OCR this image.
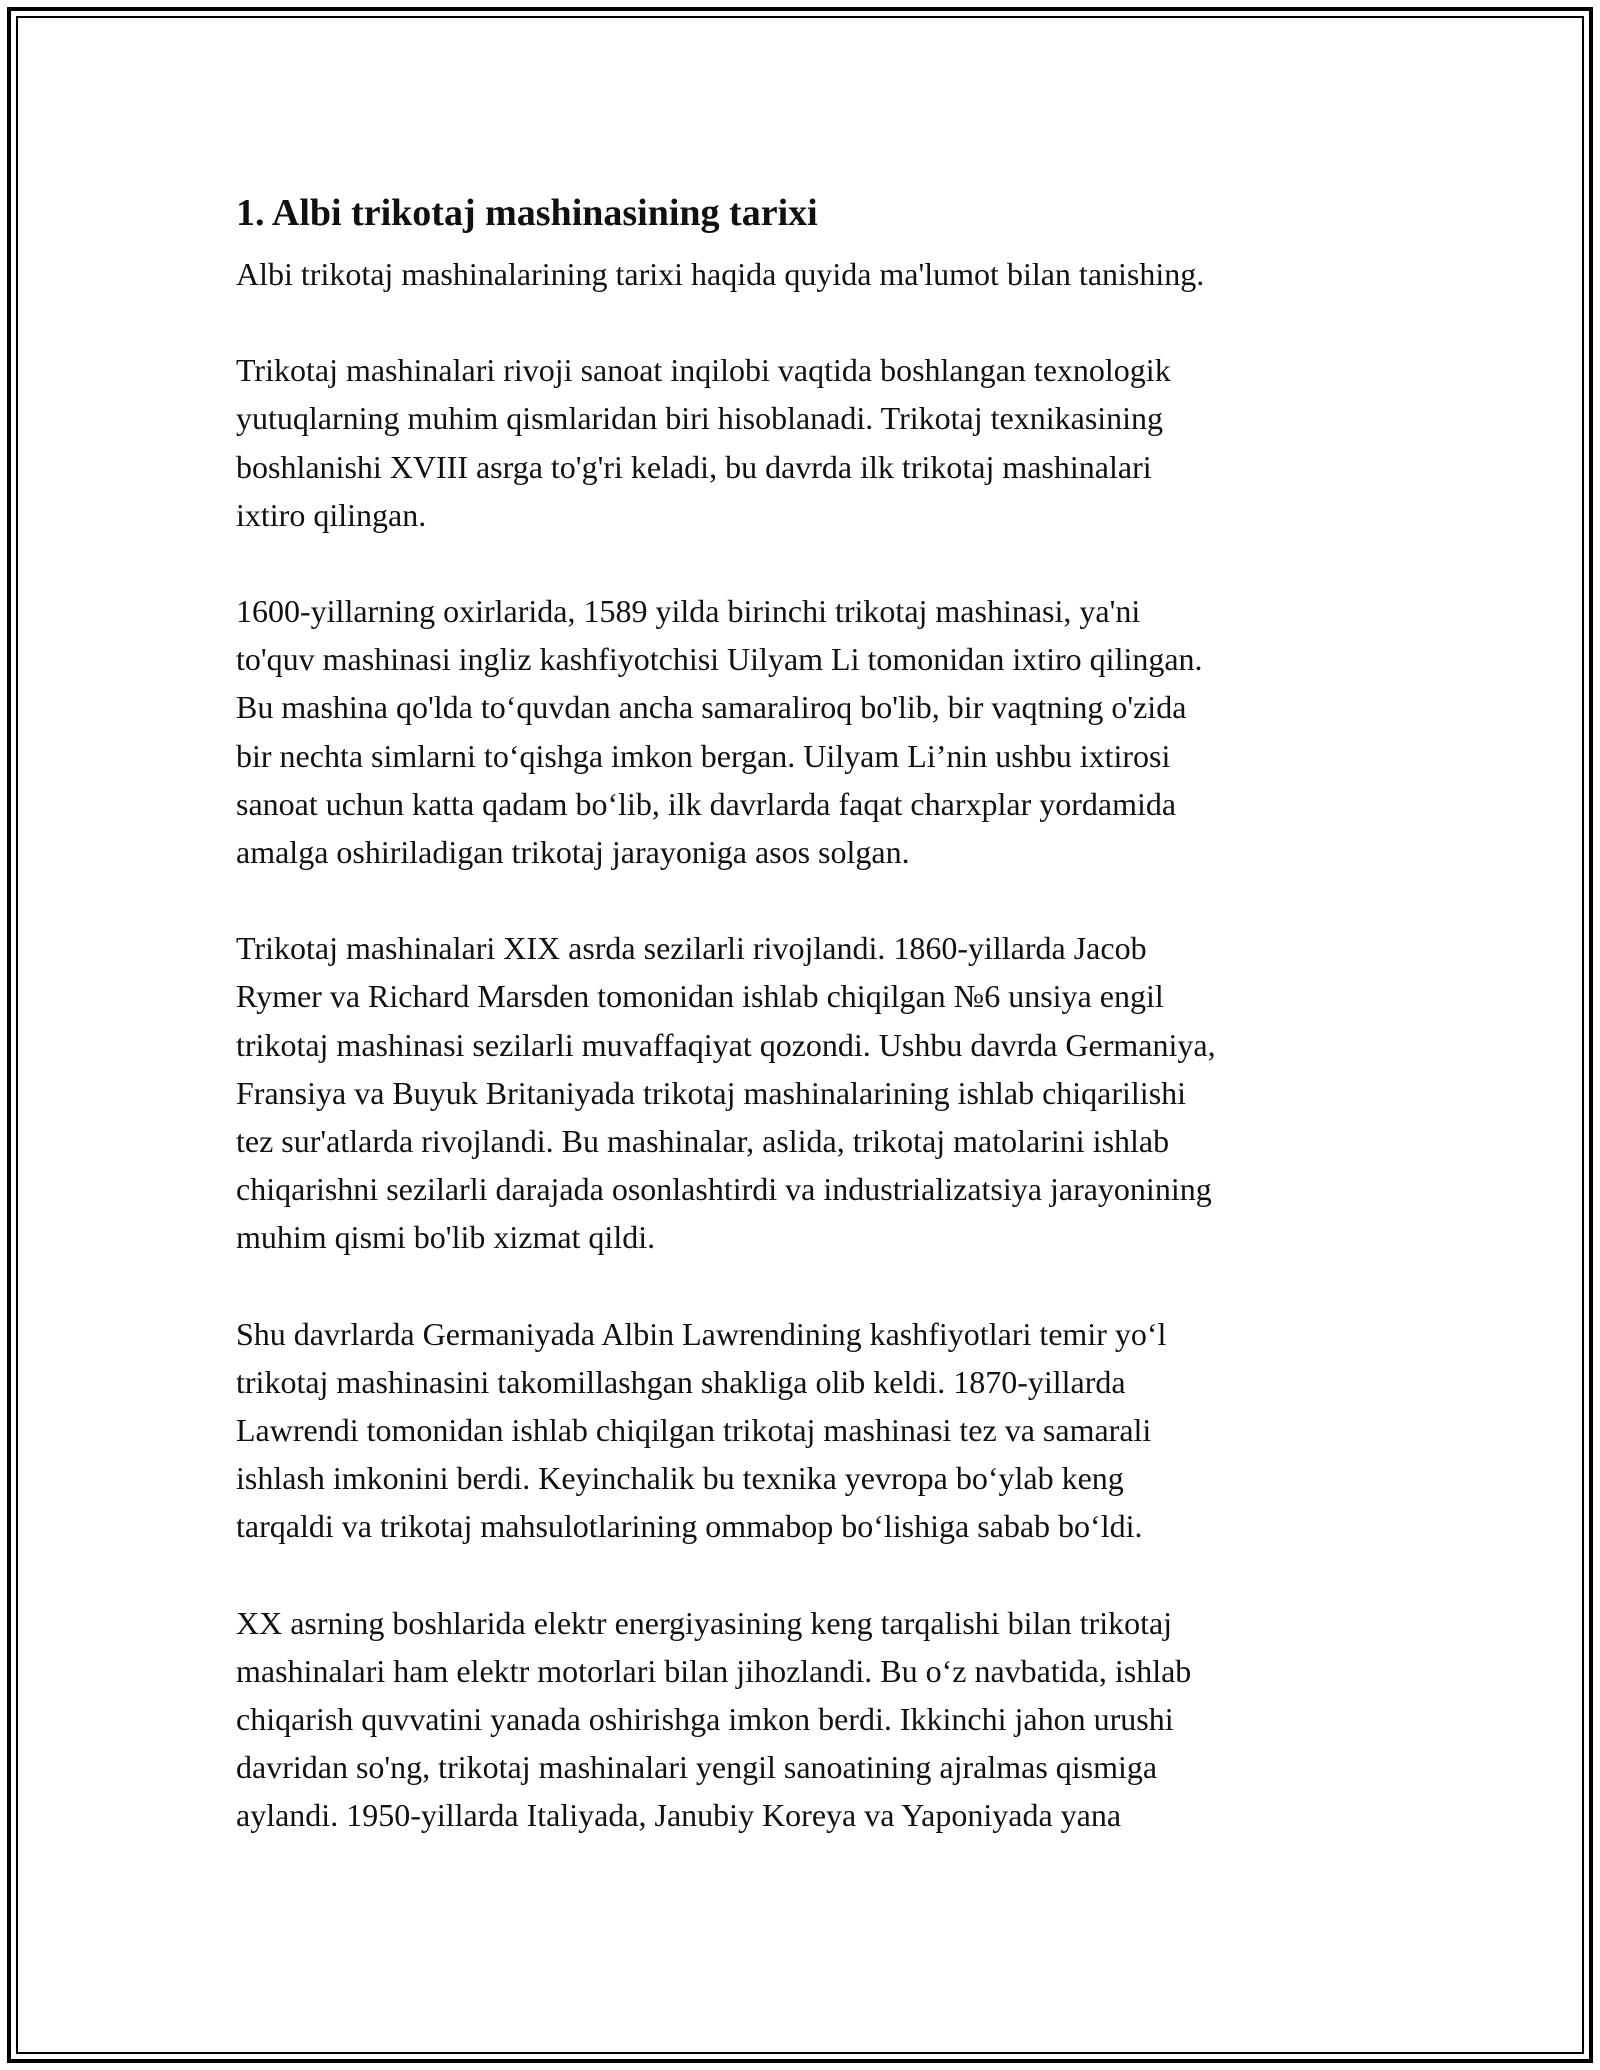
1. Albi trikotaj mashinasining tarixi

Albi trikotaj mashinalarining tarixi haqida quyida ma'lumot bilan tanishing.

Trikotaj mashinalari rivoji sanoat inqilobi vaqtida boshlangan texnologik
yutuqlarning muhim qismlaridan biri hisoblanadi. Trikotaj texnikasining
boshlanishi XVIII asrga to'g'ri keladi, bu davrda ilk trikotaj mashinalari
ixtiro qilingan.

1600-yillarning oxirlarida, 1589 yilda birinchi trikotaj mashinasi, ya'ni
to'quv mashinasi ingliz kashfiyotchisi Uilyam Li tomonidan ixtiro qilingan.
Bu mashina qo'lda to‘quvdan ancha samaraliroq bo'lib, bir vaqtning o'zida
bir nechta simlarni to‘qishga imkon bergan. Uilyam Li’nin ushbu ixtirosi
sanoat uchun katta qadam bo‘lib, ilk davrlarda faqat charxplar yordamida
amalga oshiriladigan trikotaj jarayoniga asos solgan.

Trikotaj mashinalari XIX asrda sezilarli rivojlandi. 1860-yillarda Jacob
Rymer va Richard Marsden tomonidan ishlab chiqilgan №6 unsiya engil
trikotaj mashinasi sezilarli muvaffaqiyat qozondi. Ushbu davrda Germaniya,
Fransiya va Buyuk Britaniyada trikotaj mashinalarining ishlab chiqarilishi
tez sur'atlarda rivojlandi. Bu mashinalar, aslida, trikotaj matolarini ishlab
chiqarishni sezilarli darajada osonlashtirdi va industrializatsiya jarayonining
muhim qismi bo'lib xizmat qildi.

Shu davrlarda Germaniyada Albin Lawrendining kashfiyotlari temir yo‘l
trikotaj mashinasini takomillashgan shakliga olib keldi. 1870-yillarda
Lawrendi tomonidan ishlab chiqilgan trikotaj mashinasi tez va samarali
ishlash imkonini berdi. Keyinchalik bu texnika yevropa bo‘ylab keng
tarqaldi va trikotaj mahsulotlarining ommabop bo‘lishiga sabab bo‘ldi.

XX asrning boshlarida elektr energiyasining keng tarqalishi bilan trikotaj
mashinalari ham elektr motorlari bilan jihozlandi. Bu o‘z navbatida, ishlab
chiqarish quvvatini yanada oshirishga imkon berdi. Ikkinchi jahon urushi
davridan so'ng, trikotaj mashinalari yengil sanoatining ajralmas qismiga
aylandi. 1950-yillarda Italiyada, Janubiy Koreya va Yaponiyada yana
